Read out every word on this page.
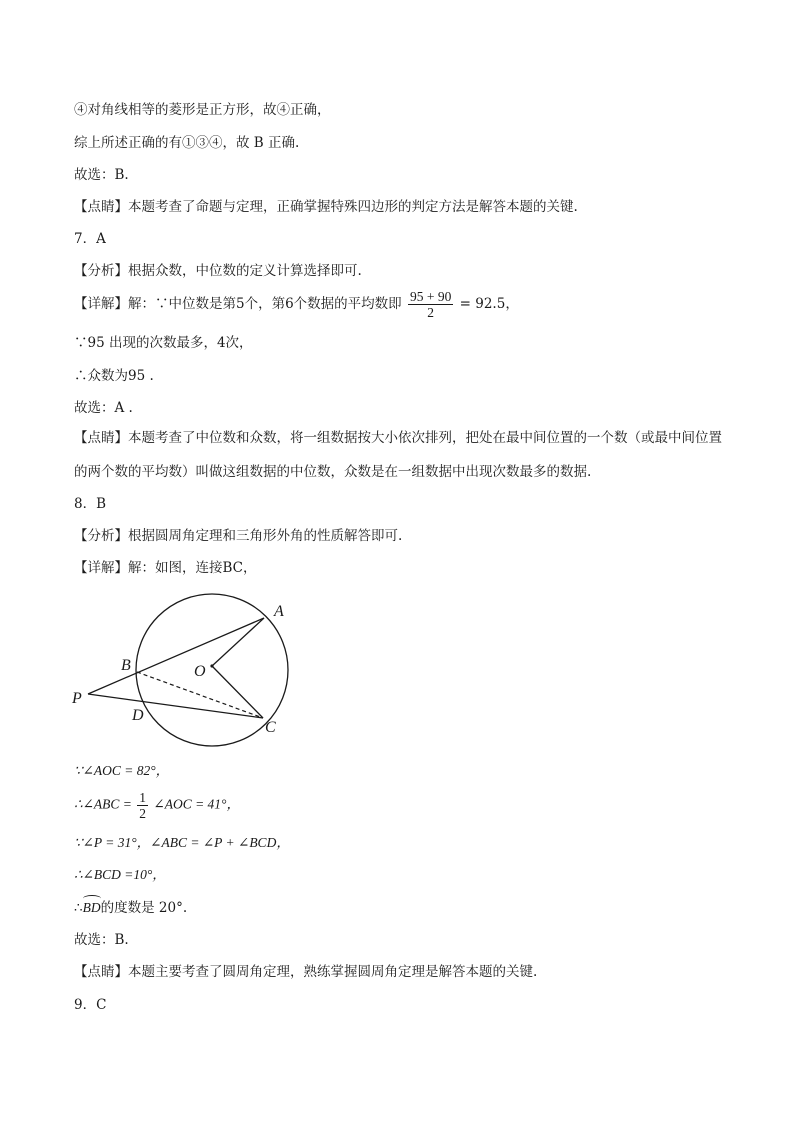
④对角线相等的菱形是正方形，故④正确，
综上所述正确的有①③④，故 B 正确.
故选：B.
【点睛】本题考查了命题与定理，正确掌握特殊四边形的判定方法是解答本题的关键.
7．A
【分析】根据众数，中位数的定义计算选择即可.
【详解】解：∵中位数是第5个，第6个数据的平均数即 $\frac{95 + 90}{2} = 92.5$，
∵95 出现的次数最多，4次，
∴众数为95 .
故选：A .
【点睛】本题考查了中位数和众数，将一组数据按大小依次排列，把处在最中间位置的一个数（或最中间位置的两个数的平均数）叫做这组数据的中位数，众数是在一组数据中出现次数最多的数据.
8．B
【分析】根据圆周角定理和三角形外角的性质解答即可.
【详解】解：如图，连接BC，
A
B	O
P
D
C
∵∠AOC = 82°，
∴∠ABC = $\frac{1}{2}$ ∠AOC = 41°，
∵∠P = 31°，∠ABC = ∠P + ∠BCD，
∴∠BCD =10°，
∴BD的度数是 20°.
故选：B.
【点睛】本题主要考查了圆周角定理，熟练掌握圆周角定理是解答本题的关键.
9．C
